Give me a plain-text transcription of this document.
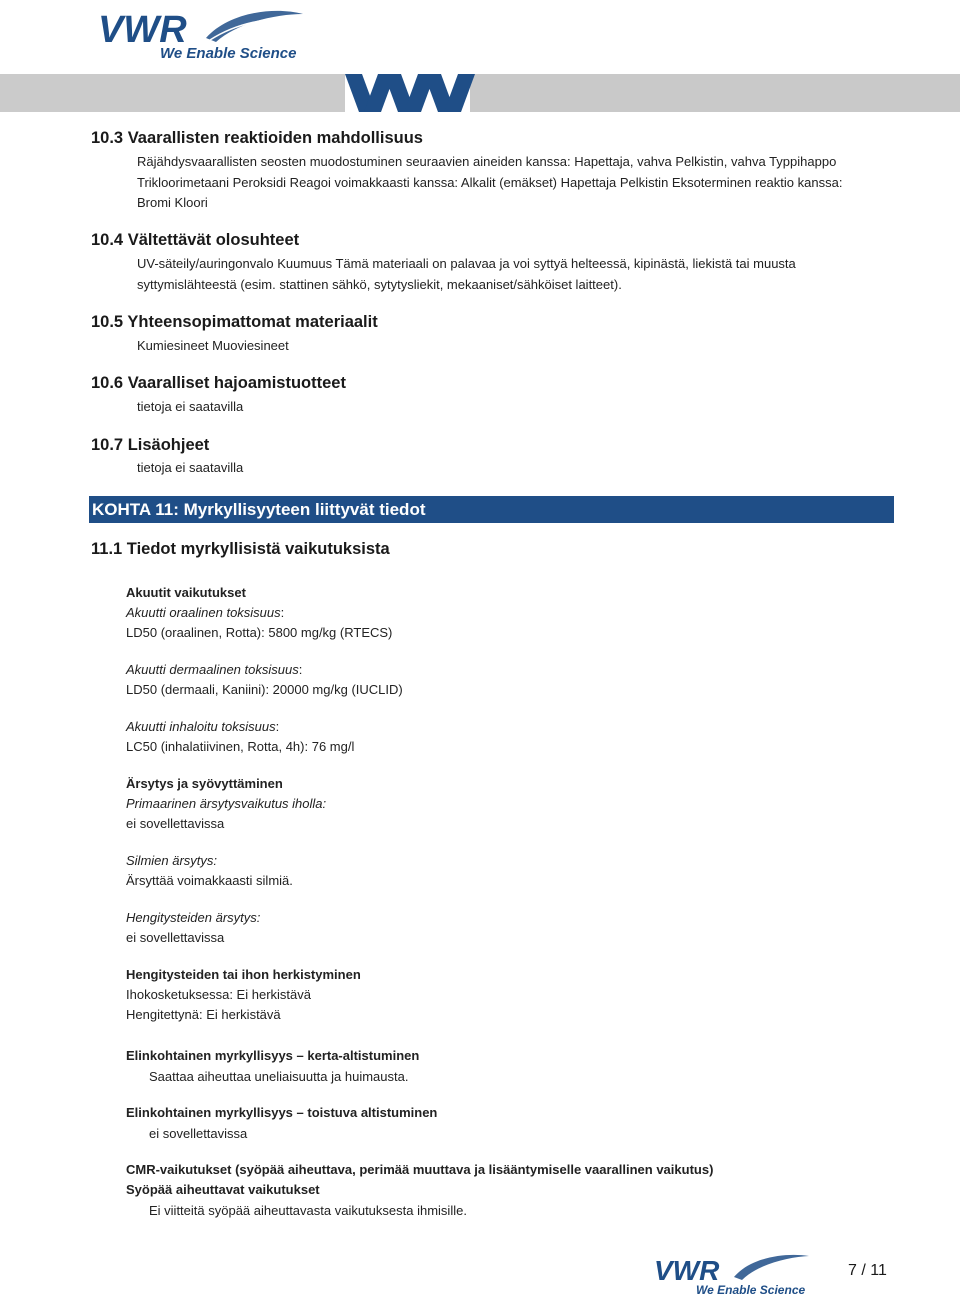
VWR
We Enable Science
10.3 Vaarallisten reaktioiden mahdollisuus
Räjähdysvaarallisten seosten muodostuminen seuraavien aineiden kanssa: Hapettaja, vahva Pelkistin, vahva Typpihappo
Trikloorimetaani Peroksidi Reagoi voimakkaasti kanssa: Alkalit (emäkset) Hapettaja Pelkistin Eksoterminen reaktio kanssa:
Bromi Kloori
10.4 Vältettävät olosuhteet
UV-säteily/auringonvalo Kuumuus Tämä materiaali on palavaa ja voi syttyä helteessä, kipinästä, liekistä tai muusta
syttymislähteestä (esim. stattinen sähkö, sytytysliekit, mekaaniset/sähköiset laitteet).
10.5 Yhteensopimattomat materiaalit
Kumiesineet Muoviesineet
10.6 Vaaralliset hajoamistuotteet
tietoja ei saatavilla
10.7 Lisäohjeet
tietoja ei saatavilla
KOHTA 11: Myrkyllisyyteen liittyvät tiedot
11.1 Tiedot myrkyllisistä vaikutuksista
Akuutit vaikutukset
Akuutti oraalinen toksisuus:
LD50 (oraalinen, Rotta): 5800 mg/kg (RTECS)
Akuutti dermaalinen toksisuus:
LD50 (dermaali, Kaniini): 20000 mg/kg (IUCLID)
Akuutti inhaloitu toksisuus:
LC50 (inhalatiivinen, Rotta, 4h): 76 mg/l
Ärsytys ja syövyttäminen
Primaarinen ärsytysvaikutus iholla:
ei sovellettavissa
Silmien ärsytys:
Ärsyttää voimakkaasti silmiä.
Hengitysteiden ärsytys:
ei sovellettavissa
Hengitysteiden tai ihon herkistyminen
Ihokosketuksessa: Ei herkistävä
Hengitettynä: Ei herkistävä
Elinkohtainen myrkyllisyys – kerta-altistuminen
Saattaa aiheuttaa uneliaisuutta ja huimausta.
Elinkohtainen myrkyllisyys – toistuva altistuminen
ei sovellettavissa
CMR-vaikutukset (syöpää aiheuttava, perimää muuttava ja lisääntymiselle vaarallinen vaikutus)
Syöpää aiheuttavat vaikutukset
Ei viitteitä syöpää aiheuttavasta vaikutuksesta ihmisille.
VWR
We Enable Science
7 / 11
